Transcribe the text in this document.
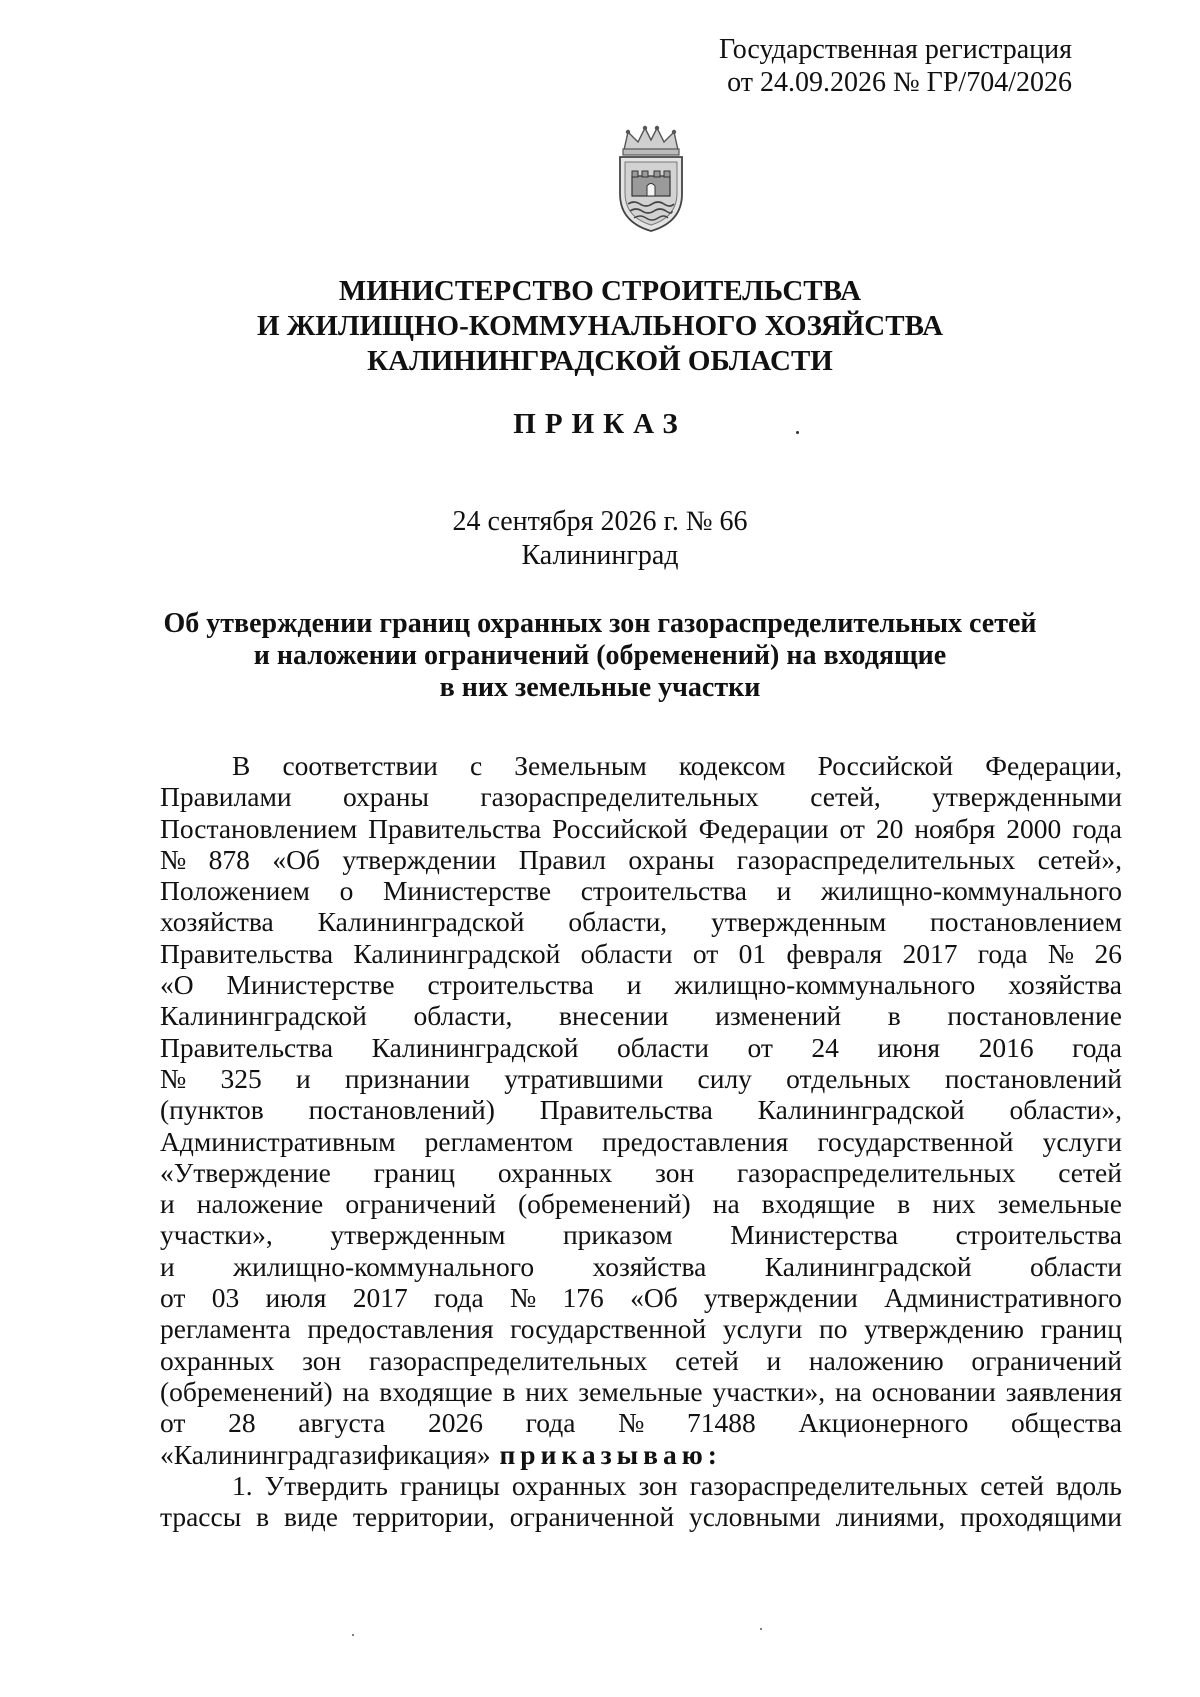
Государственная регистрация
от 24.09.2026 № ГР/704/2026
МИНИСТЕРСТВО СТРОИТЕЛЬСТВА
И ЖИЛИЩНО-КОММУНАЛЬНОГО ХОЗЯЙСТВА
КАЛИНИНГРАДСКОЙ ОБЛАСТИ
ПРИКАЗ
24 сентября 2026 г. № 66
Калининград
Об утверждении границ охранных зон газораспределительных сетей
и наложении ограничений (обременений) на входящие
в них земельные участки
В соответствии с Земельным кодексом Российской Федерации,
Правилами охраны газораспределительных сетей, утвержденными
Постановлением Правительства Российской Федерации от 20 ноября 2000 года
№ 878 «Об утверждении Правил охраны газораспределительных сетей»,
Положением о Министерстве строительства и жилищно-коммунального
хозяйства Калининградской области, утвержденным постановлением
Правительства Калининградской области от 01 февраля 2017 года № 26
«О Министерстве строительства и жилищно-коммунального хозяйства
Калининградской области, внесении изменений в постановление
Правительства Калининградской области от 24 июня 2016 года
№ 325 и признании утратившими силу отдельных постановлений
(пунктов постановлений) Правительства Калининградской области»,
Административным регламентом предоставления государственной услуги
«Утверждение границ охранных зон газораспределительных сетей
и наложение ограничений (обременений) на входящие в них земельные
участки», утвержденным приказом Министерства строительства
и жилищно-коммунального хозяйства Калининградской области
от 03 июля 2017 года № 176 «Об утверждении Административного
регламента предоставления государственной услуги по утверждению границ
охранных зон газораспределительных сетей и наложению ограничений
(обременений) на входящие в них земельные участки», на основании заявления
от 28 августа 2026 года № 71488 Акционерного общества
«Калининградгазификация»
приказываю:
1. Утвердить границы охранных зон газораспределительных сетей вдоль
трассы в виде территории, ограниченной условными линиями, проходящими
